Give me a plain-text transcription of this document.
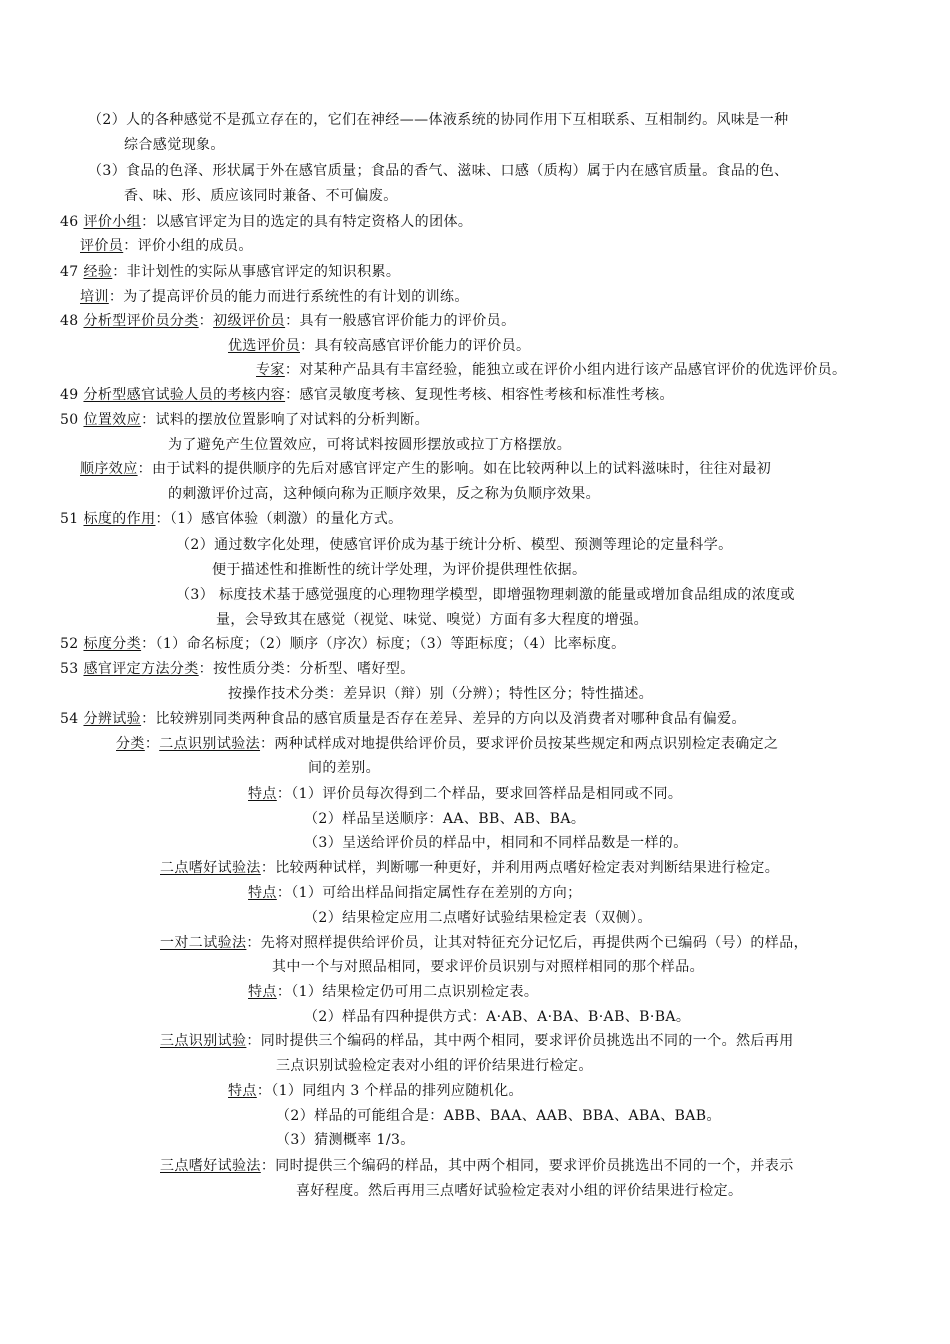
（2）人的各种感觉不是孤立存在的，它们在神经——体液系统的协同作用下互相联系、互相制约。风味是一种
综合感觉现象。
（3）食品的色泽、形状属于外在感官质量；食品的香气、滋味、口感（质构）属于内在感官质量。食品的色、
香、味、形、质应该同时兼备、不可偏废。
46 评价小组：以感官评定为目的选定的具有特定资格人的团体。
评价员：评价小组的成员。
47 经验：非计划性的实际从事感官评定的知识积累。
培训：为了提高评价员的能力而进行系统性的有计划的训练。
48 分析型评价员分类：初级评价员：具有一般感官评价能力的评价员。
优选评价员：具有较高感官评价能力的评价员。
专家：对某种产品具有丰富经验，能独立或在评价小组内进行该产品感官评价的优选评价员。
49 分析型感官试验人员的考核内容：感官灵敏度考核、复现性考核、相容性考核和标准性考核。
50 位置效应：试料的摆放位置影响了对试料的分析判断。
为了避免产生位置效应，可将试料按圆形摆放或拉丁方格摆放。
顺序效应：由于试料的提供顺序的先后对感官评定产生的影响。如在比较两种以上的试料滋味时，往往对最初
的刺激评价过高，这种倾向称为正顺序效果，反之称为负顺序效果。
51 标度的作用：（1）感官体验（刺激）的量化方式。
（2）通过数字化处理，使感官评价成为基于统计分析、模型、预测等理论的定量科学。
便于描述性和推断性的统计学处理，为评价提供理性依据。
（3） 标度技术基于感觉强度的心理物理学模型，即增强物理刺激的能量或增加食品组成的浓度或
量，会导致其在感觉（视觉、味觉、嗅觉）方面有多大程度的增强。
52 标度分类：（1）命名标度；（2）顺序（序次）标度；（3）等距标度；（4）比率标度。
53 感官评定方法分类：按性质分类：分析型、嗜好型。
按操作技术分类：差异识（辩）别（分辨）；特性区分；特性描述。
54 分辨试验：比较辨别同类两种食品的感官质量是否存在差异、差异的方向以及消费者对哪种食品有偏爱。
分类：二点识别试验法：两种试样成对地提供给评价员，要求评价员按某些规定和两点识别检定表确定之
间的差别。
特点：（1）评价员每次得到二个样品，要求回答样品是相同或不同。
（2）样品呈送顺序：AA、BB、AB、BA。
（3）呈送给评价员的样品中，相同和不同样品数是一样的。
二点嗜好试验法：比较两种试样，判断哪一种更好，并利用两点嗜好检定表对判断结果进行检定。
特点：（1）可给出样品间指定属性存在差别的方向；
（2）结果检定应用二点嗜好试验结果检定表（双侧）。
一对二试验法：先将对照样提供给评价员，让其对特征充分记忆后，再提供两个已编码（号）的样品，
其中一个与对照品相同，要求评价员识别与对照样相同的那个样品。
特点：（1）结果检定仍可用二点识别检定表。
（2）样品有四种提供方式：A·AB、A·BA、B·AB、B·BA。
三点识别试验：同时提供三个编码的样品，其中两个相同，要求评价员挑选出不同的一个。然后再用
三点识别试验检定表对小组的评价结果进行检定。
特点：（1）同组内 3 个样品的排列应随机化。
（2）样品的可能组合是：ABB、BAA、AAB、BBA、ABA、BAB。
（3）猜测概率 1/3。
三点嗜好试验法：同时提供三个编码的样品，其中两个相同，要求评价员挑选出不同的一个，并表示
喜好程度。然后再用三点嗜好试验检定表对小组的评价结果进行检定。
